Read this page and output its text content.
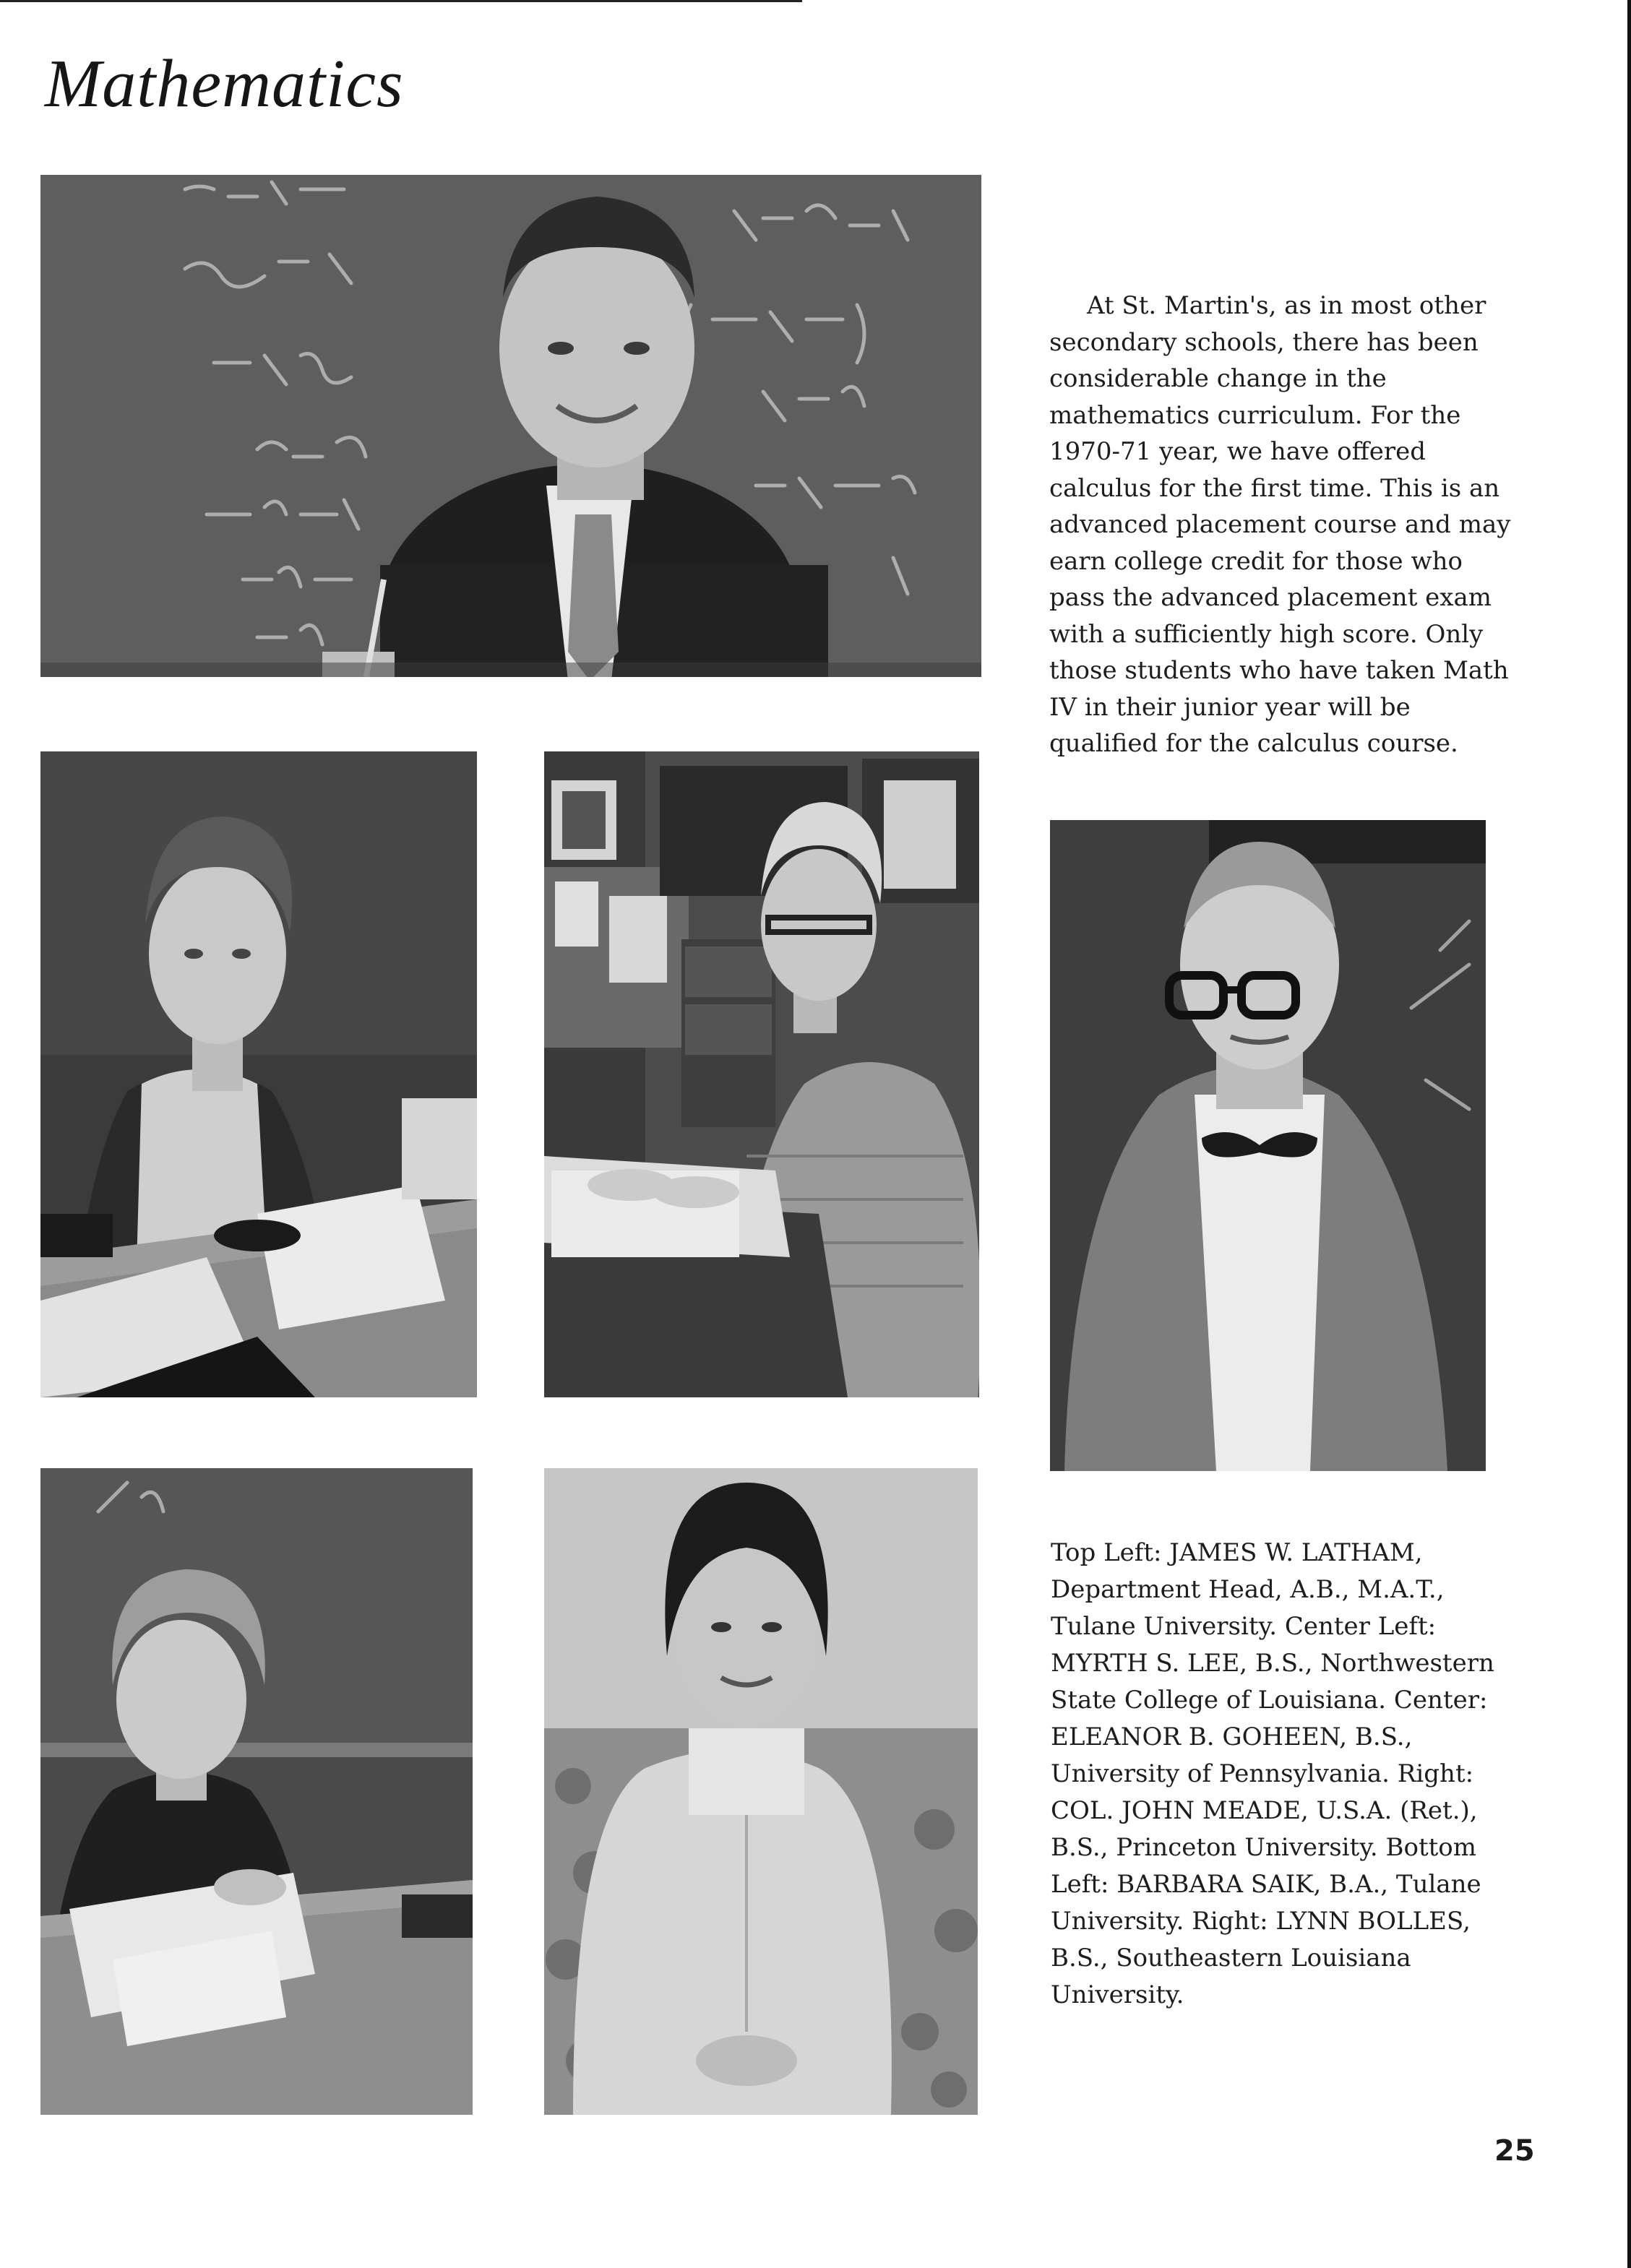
Mathematics

At St. Martin's, as in most other secondary schools, there has been considerable change in the mathematics curriculum. For the 1970-71 year, we have offered calculus for the first time. This is an advanced placement course and may earn college credit for those who pass the advanced placement exam with a sufficiently high score. Only those students who have taken Math IV in their junior year will be qualified for the calculus course.

Top Left: JAMES W. LATHAM, Department Head, A.B., M.A.T., Tulane University. Center Left: MYRTH S. LEE, B.S., Northwestern State College of Louisiana. Center: ELEANOR B. GOHEEN, B.S., University of Pennsylvania. Right: COL. JOHN MEADE, U.S.A. (Ret.), B.S., Princeton University. Bottom Left: BARBARA SAIK, B.A., Tulane University. Right: LYNN BOLLES, B.S., Southeastern Louisiana University.

25
